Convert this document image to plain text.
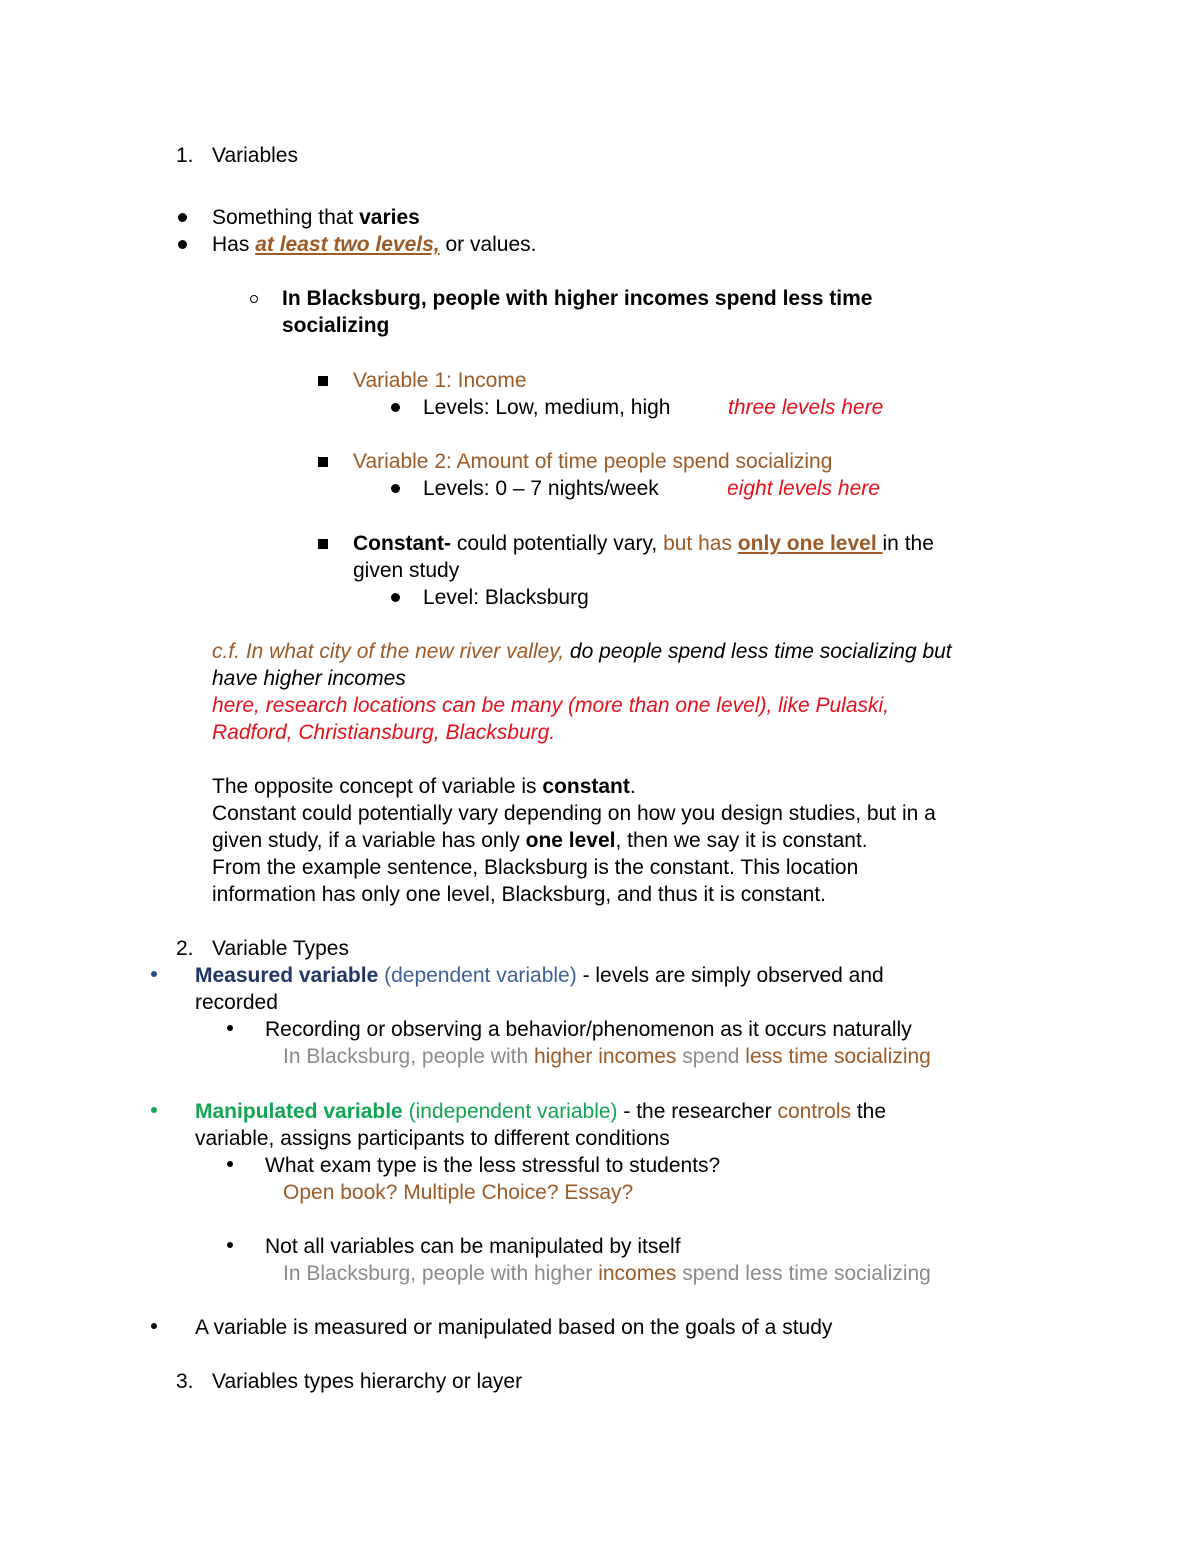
1. Variables
Something that varies
Has at least two levels, or values.
In Blacksburg, people with higher incomes spend less time
socializing
Variable 1: Income
Levels: Low, medium, high	three levels here
Variable 2: Amount of time people spend socializing
Levels: 0 – 7 nights/week	eight levels here
Constant- could potentially vary, but has only one level in the
given study
Level: Blacksburg
c.f. In what city of the new river valley, do people spend less time socializing but
have higher incomes
here, research locations can be many (more than one level), like Pulaski,
Radford, Christiansburg, Blacksburg.
The opposite concept of variable is constant.
Constant could potentially vary depending on how you design studies, but in a
given study, if a variable has only one level, then we say it is constant.
From the example sentence, Blacksburg is the constant. This location
information has only one level, Blacksburg, and thus it is constant.
2. Variable Types
Measured variable (dependent variable) - levels are simply observed and
recorded
Recording or observing a behavior/phenomenon as it occurs naturally
In Blacksburg, people with higher incomes spend less time socializing
Manipulated variable (independent variable) - the researcher controls the
variable, assigns participants to different conditions
What exam type is the less stressful to students?
Open book? Multiple Choice? Essay?
Not all variables can be manipulated by itself
In Blacksburg, people with higher incomes spend less time socializing
A variable is measured or manipulated based on the goals of a study
3. Variables types hierarchy or layer
